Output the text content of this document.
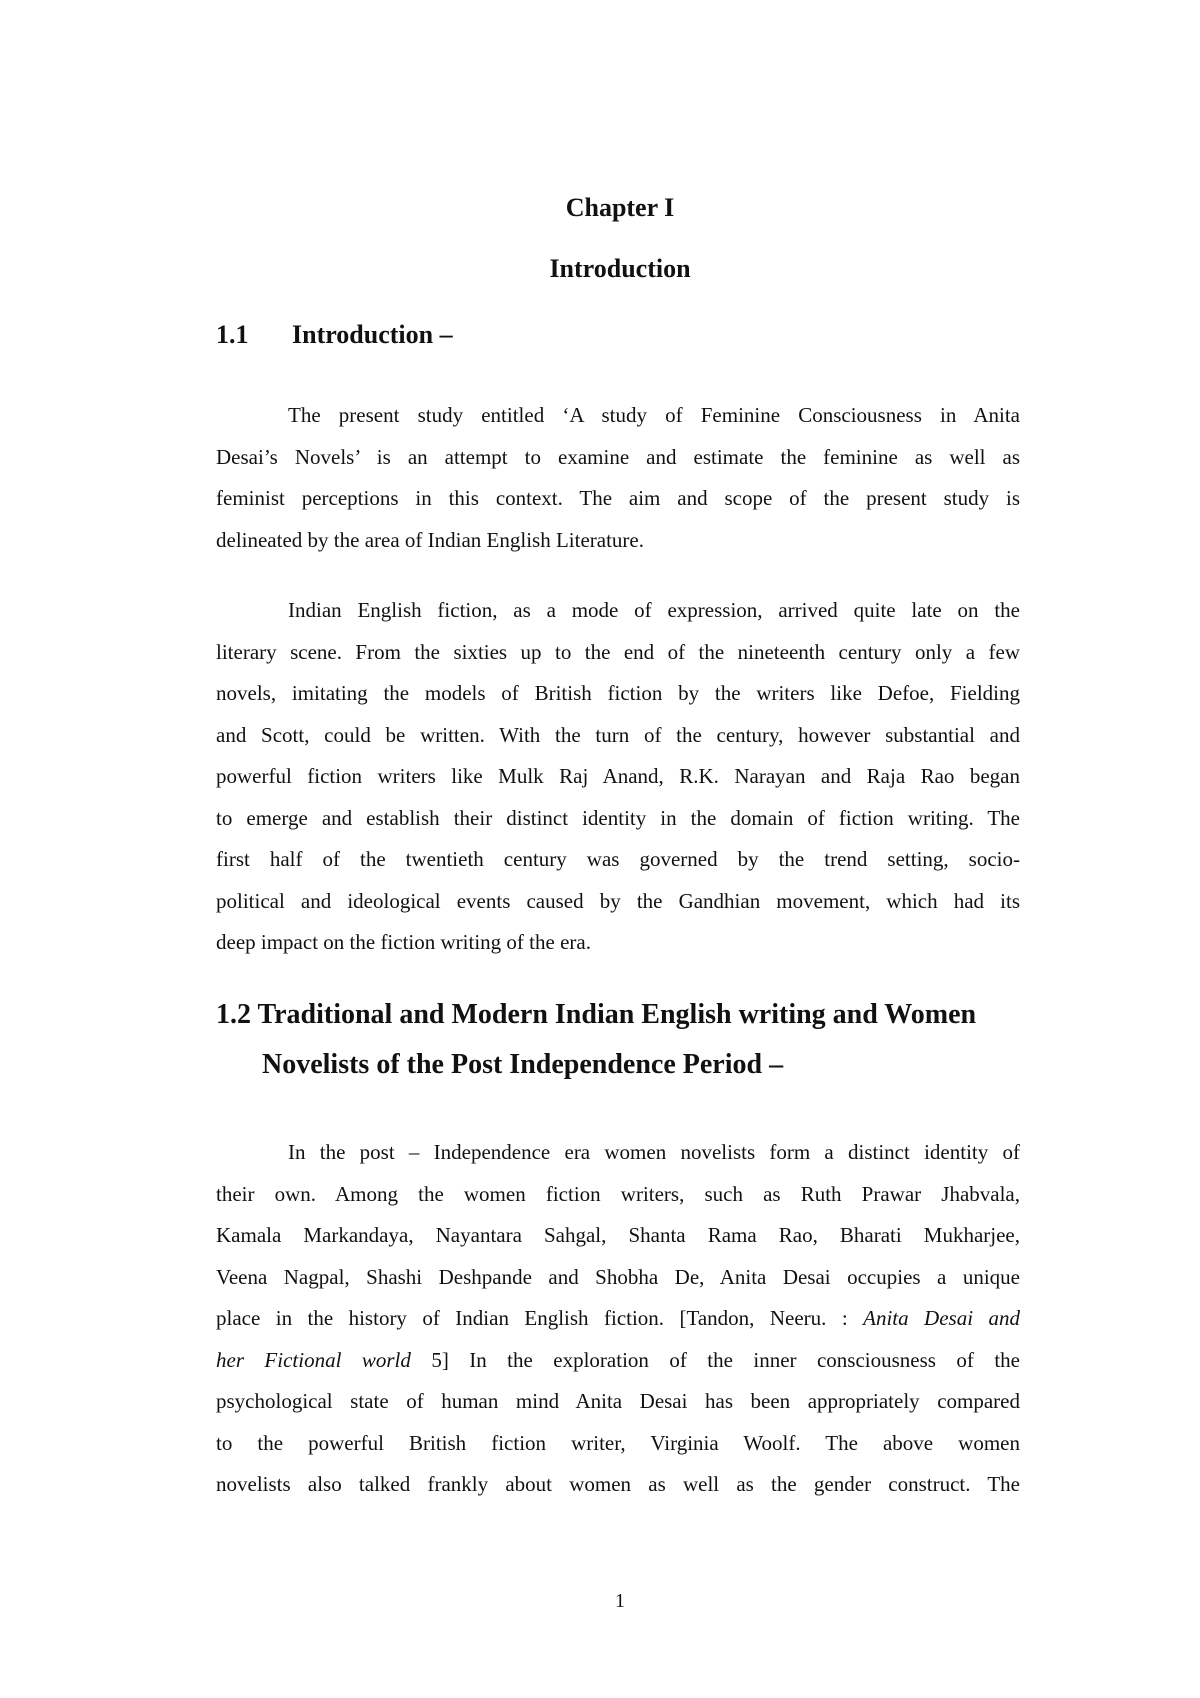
Chapter I
Introduction
1.1 Introduction –
The present study entitled ‘A study of Feminine Consciousness in Anita
Desai’s Novels’ is an attempt to examine and estimate the feminine as well as
feminist perceptions in this context. The aim and scope of the present study is
delineated by the area of Indian English Literature.
Indian English fiction, as a mode of expression, arrived quite late on the
literary scene. From the sixties up to the end of the nineteenth century only a few
novels, imitating the models of British fiction by the writers like Defoe, Fielding
and Scott, could be written. With the turn of the century, however substantial and
powerful fiction writers like Mulk Raj Anand, R.K. Narayan and Raja Rao began
to emerge and establish their distinct identity in the domain of fiction writing. The
first half of the twentieth century was governed by the trend setting, socio-
political and ideological events caused by the Gandhian movement, which had its
deep impact on the fiction writing of the era.
1.2 Traditional and Modern Indian English writing and Women
Novelists of the Post Independence Period –
In the post – Independence era women novelists form a distinct identity of
their own. Among the women fiction writers, such as Ruth Prawar Jhabvala,
Kamala Markandaya, Nayantara Sahgal, Shanta Rama Rao, Bharati Mukharjee,
Veena Nagpal, Shashi Deshpande and Shobha De, Anita Desai occupies a unique
place in the history of Indian English fiction. [Tandon, Neeru. : Anita Desai and
her Fictional world 5] In the exploration of the inner consciousness of the
psychological state of human mind Anita Desai has been appropriately compared
to the powerful British fiction writer, Virginia Woolf. The above women
novelists also talked frankly about women as well as the gender construct. The
1
